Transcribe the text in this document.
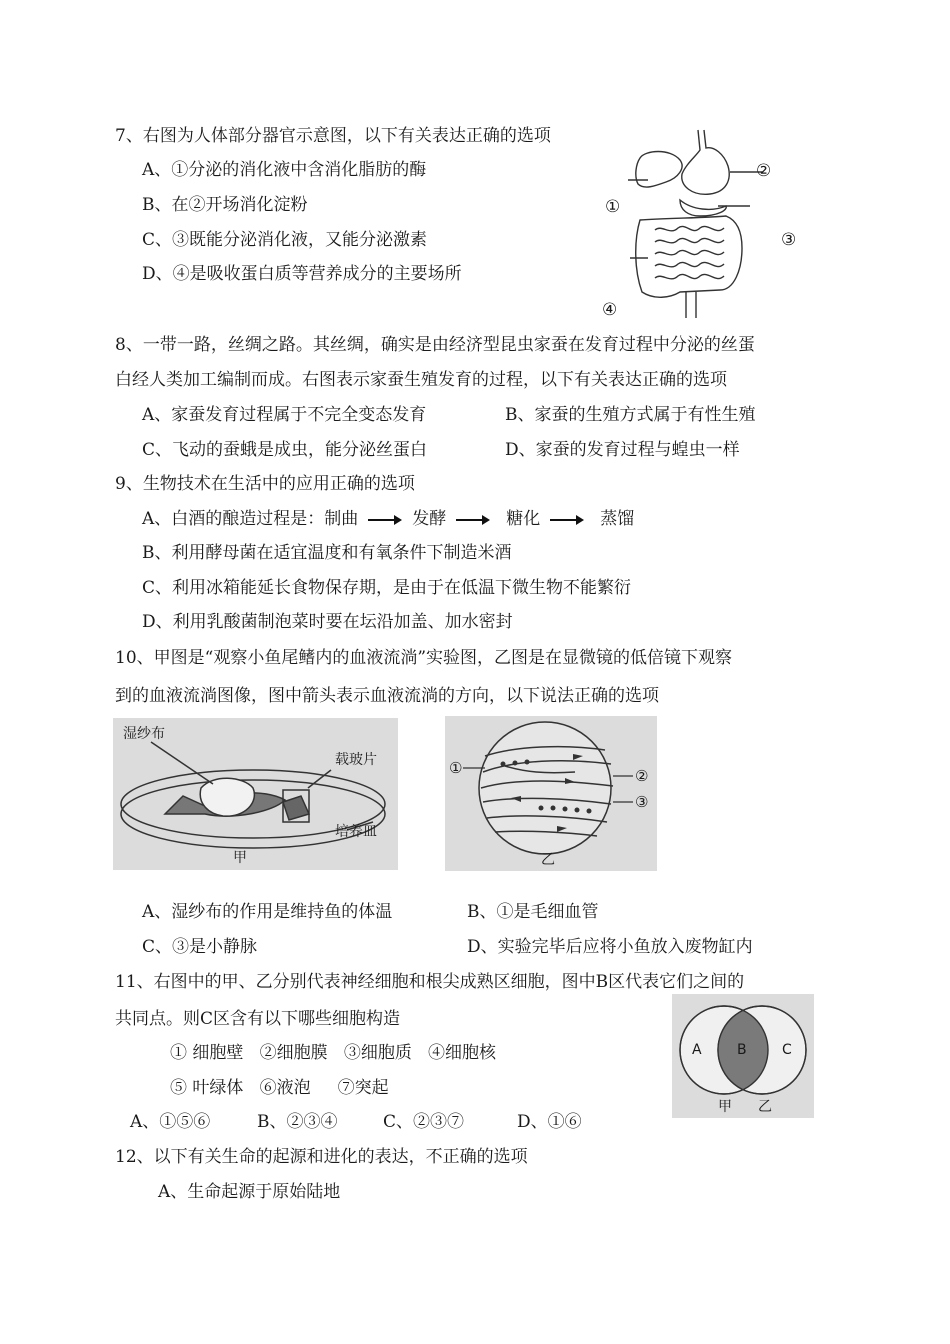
7、右图为人体部分器官示意图，以下有关表达正确的选项
A、①分泌的消化液中含消化脂肪的酶
B、在②开场消化淀粉
C、③既能分泌消化液，又能分泌激素
D、④是吸收蛋白质等营养成分的主要场所
②
①
③
④
8、一带一路，丝绸之路。其丝绸，确实是由经济型昆虫家蚕在发育过程中分泌的丝蛋
白经人类加工编制而成。右图表示家蚕生殖发育的过程，以下有关表达正确的选项
A、家蚕发育过程属于不完全变态发育	B、家蚕的生殖方式属于有性生殖
C、飞动的蚕蛾是成虫，能分泌丝蛋白	D、家蚕的发育过程与蝗虫一样
9、生物技术在生活中的应用正确的选项
A、白酒的酿造过程是：制曲	发酵	糖化	蒸馏
B、利用酵母菌在适宜温度和有氧条件下制造米酒
C、利用冰箱能延长食物保存期，是由于在低温下微生物不能繁衍
D、利用乳酸菌制泡菜时要在坛沿加盖、加水密封
10、甲图是“观察小鱼尾鳍内的血液流淌”实验图，乙图是在显微镜的低倍镜下观察
到的血液流淌图像，图中箭头表示血液流淌的方向，以下说法正确的选项
湿纱布
载玻片
培养皿
甲
①	②
③
乙
A、湿纱布的作用是维持鱼的体温	B、①是毛细血管
C、③是小静脉	D、实验完毕后应将小鱼放入废物缸内
11、右图中的甲、乙分别代表神经细胞和根尖成熟区细胞，图中B区代表它们之间的
共同点。则C区含有以下哪些细胞构造
① 细胞壁   ②细胞膜   ③细胞质   ④细胞核
⑤ 叶绿体   ⑥液泡     ⑦突起
A、①⑤⑥	B、②③④	C、②③⑦	D、①⑥
A	B	C
甲 乙
12、以下有关生命的起源和进化的表达，不正确的选项
A、生命起源于原始陆地
